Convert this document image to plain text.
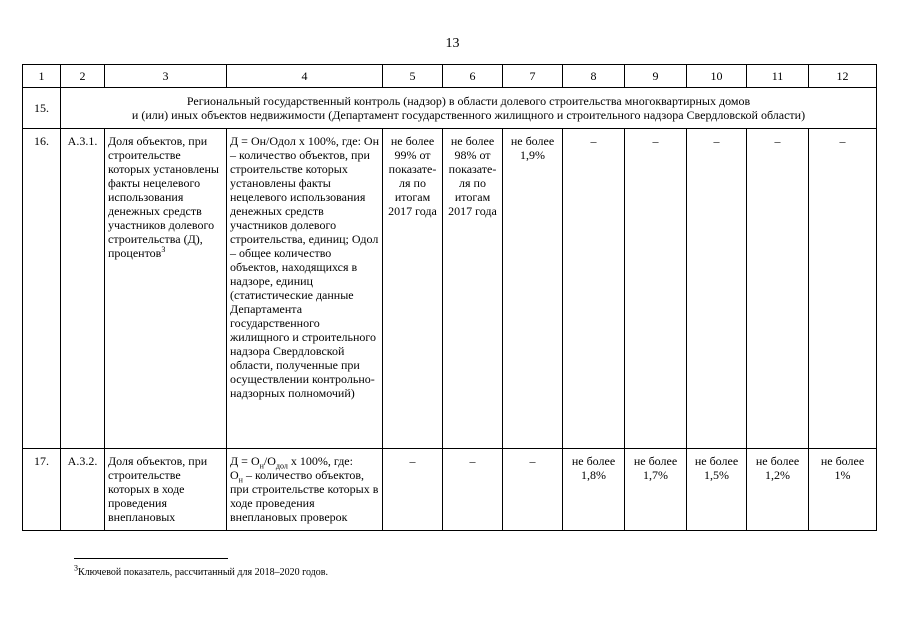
13
1	2	3	4	5	6	7	8	9	10	11	12
15.	Региональный государственный контроль (надзор) в области долевого строительства многоквартирных домов
и (или) иных объектов недвижимости (Департамент государственного жилищного и строительного надзора Свердловской области)										

16.	А.3.1.	Доля объектов, при строительстве которых установлены факты нецелевого использования денежных средств участников долевого строительства (Д), процентов$^3$	Д = Он/Одол х 100%, где: Он – количество объектов, при строительстве которых установлены факты нецелевого использования денежных средств участников долевого строительства, единиц; Одол – общее количество объектов, находящихся в надзоре, единиц (статистические данные Департамента государственного жилищного и строительного надзора Свердловской области, полученные при осуществлении контрольно-надзорных полномочий)	не более 99% от показате-ля по итогам 2017 года	не более 98% от показате-ля по итогам 2017 года	не более 1,9%	–	–	–	–	–
17.	А.3.2.	Доля объектов, при строительстве которых в ходе проведения внеплановых	$Д = О_н/О_{дол}$ х 100%, где:
$О_н$ – количество объектов, при строительстве которых в ходе проведения внеплановых проверок	–	–	–	не более 1,8%	не более 1,7%	не более 1,5%	не более 1,2%	не более 1%
$^3$Ключевой показатель, рассчитанный для 2018–2020 годов.
